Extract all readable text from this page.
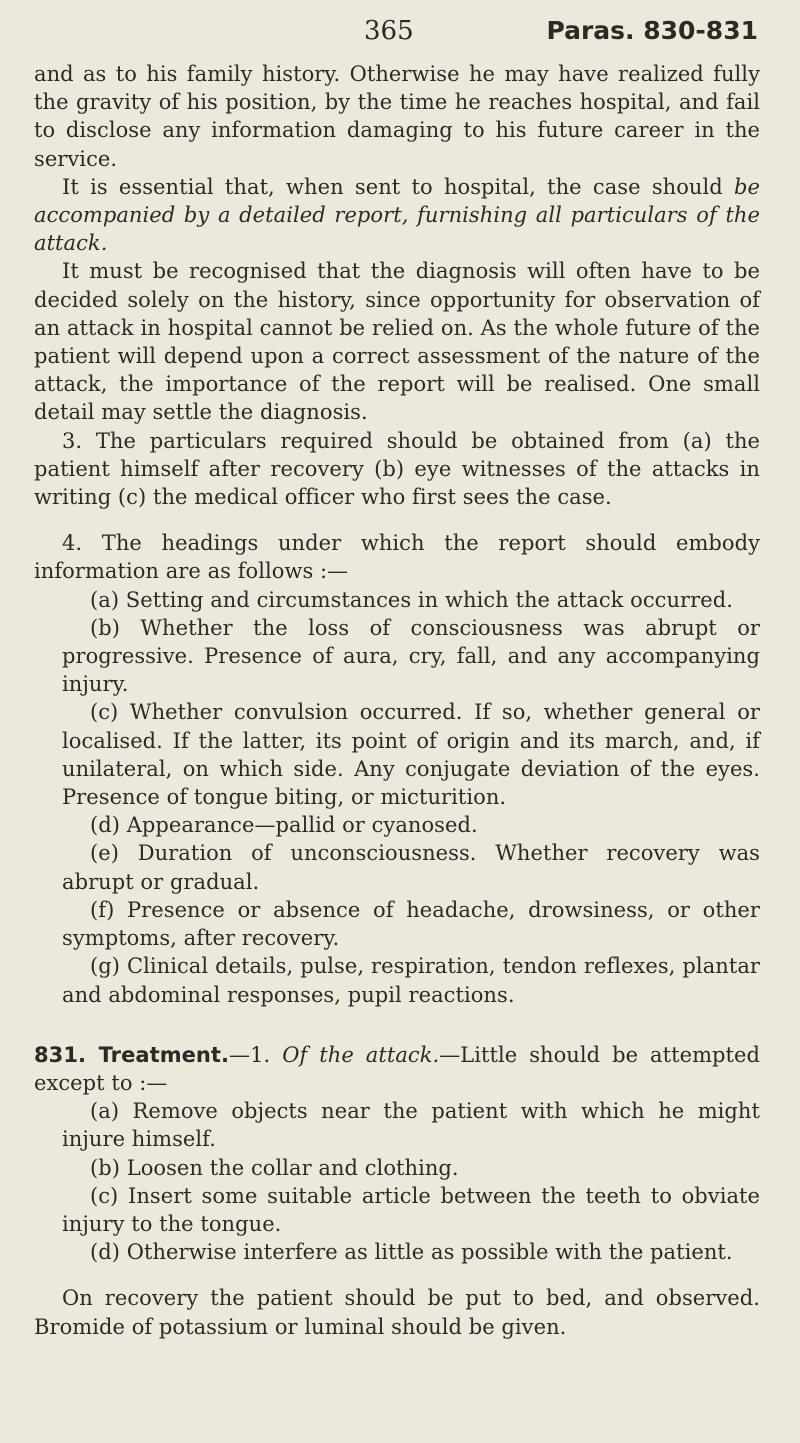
365	Paras. 830-831

and as to his family history. Otherwise he may have realized fully the gravity of his position, by the time he reaches hospital, and fail to disclose any information damaging to his future career in the service.

It is essential that, when sent to hospital, the case should be accompanied by a detailed report, furnishing all particulars of the attack.

It must be recognised that the diagnosis will often have to be decided solely on the history, since opportunity for observation of an attack in hospital cannot be relied on. As the whole future of the patient will depend upon a correct assessment of the nature of the attack, the importance of the report will be realised. One small detail may settle the diagnosis.

3. The particulars required should be obtained from (a) the patient himself after recovery (b) eye witnesses of the attacks in writing (c) the medical officer who first sees the case.

4. The headings under which the report should embody information are as follows :—

(a) Setting and circumstances in which the attack occurred.

(b) Whether the loss of consciousness was abrupt or progressive. Presence of aura, cry, fall, and any accompanying injury.

(c) Whether convulsion occurred. If so, whether general or localised. If the latter, its point of origin and its march, and, if unilateral, on which side. Any conjugate deviation of the eyes. Presence of tongue biting, or micturition.

(d) Appearance—pallid or cyanosed.

(e) Duration of unconsciousness. Whether recovery was abrupt or gradual.

(f) Presence or absence of headache, drowsiness, or other symptoms, after recovery.

(g) Clinical details, pulse, respiration, tendon reflexes, plantar and abdominal responses, pupil reactions.

831. Treatment.—1. Of the attack.—Little should be attempted except to :—

(a) Remove objects near the patient with which he might injure himself.

(b) Loosen the collar and clothing.

(c) Insert some suitable article between the teeth to obviate injury to the tongue.

(d) Otherwise interfere as little as possible with the patient.

On recovery the patient should be put to bed, and observed. Bromide of potassium or luminal should be given.
